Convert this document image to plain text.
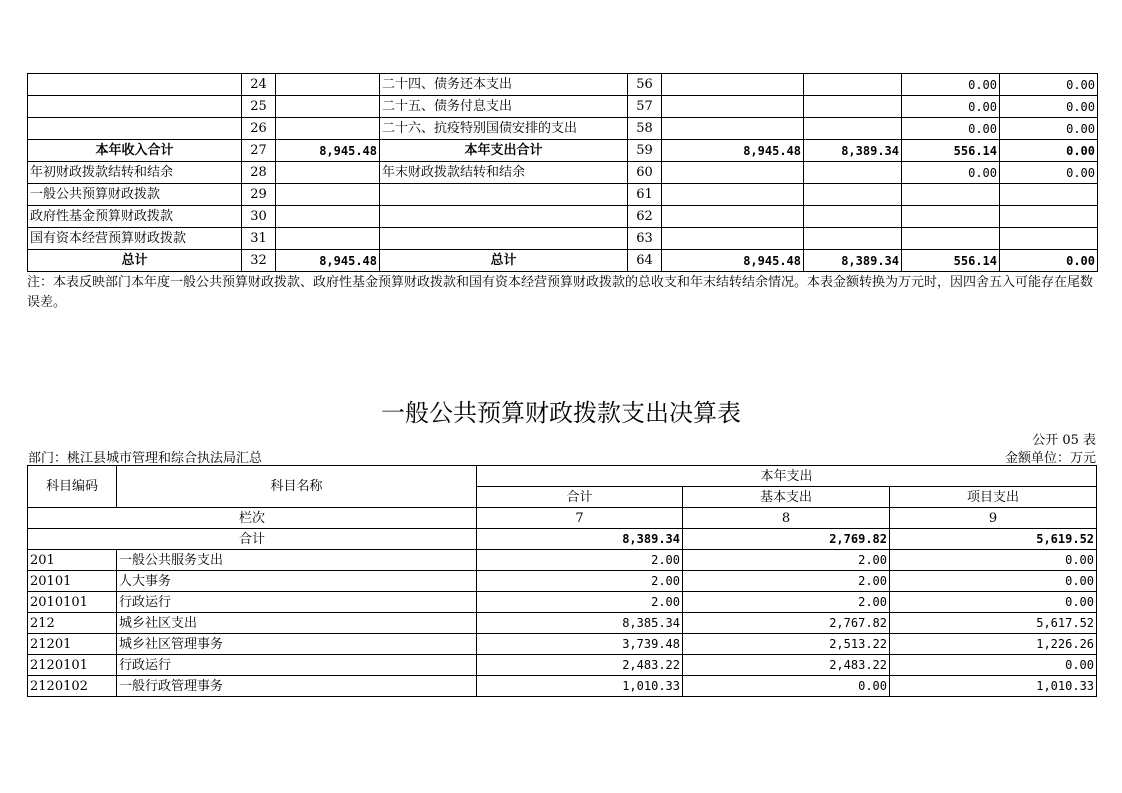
	24		二十四、债务还本支出	56			0.00	0.00
	25		二十五、债务付息支出	57			0.00	0.00
	26		二十六、抗疫特别国债安排的支出	58			0.00	0.00
本年收入合计	27	8,945.48	本年支出合计	59	8,945.48	8,389.34	556.14	0.00
年初财政拨款结转和结余	28		年末财政拨款结转和结余	60			0.00	0.00
一般公共预算财政拨款	29			61				
政府性基金预算财政拨款	30			62				
国有资本经营预算财政拨款	31			63				
总计	32	8,945.48	总计	64	8,945.48	8,389.34	556.14	0.00
注：本表反映部门本年度一般公共预算财政拨款、政府性基金预算财政拨款和国有资本经营预算财政拨款的总收支和年末结转结余情况。本表金额转换为万元时，因四舍五入可能存在尾数误差。
一般公共预算财政拨款支出决算表
公开 05 表
部门：桃江县城市管理和综合执法局汇总	金额单位：万元
科目编码	科目名称	本年支出		
		合计	基本支出	项目支出
栏次		7	8	9
合计		8,389.34	2,769.82	5,619.52
201	一般公共服务支出	2.00	2.00	0.00
20101	人大事务	2.00	2.00	0.00
2010101	行政运行	2.00	2.00	0.00
212	城乡社区支出	8,385.34	2,767.82	5,617.52
21201	城乡社区管理事务	3,739.48	2,513.22	1,226.26
2120101	行政运行	2,483.22	2,483.22	0.00
2120102	一般行政管理事务	1,010.33	0.00	1,010.33
